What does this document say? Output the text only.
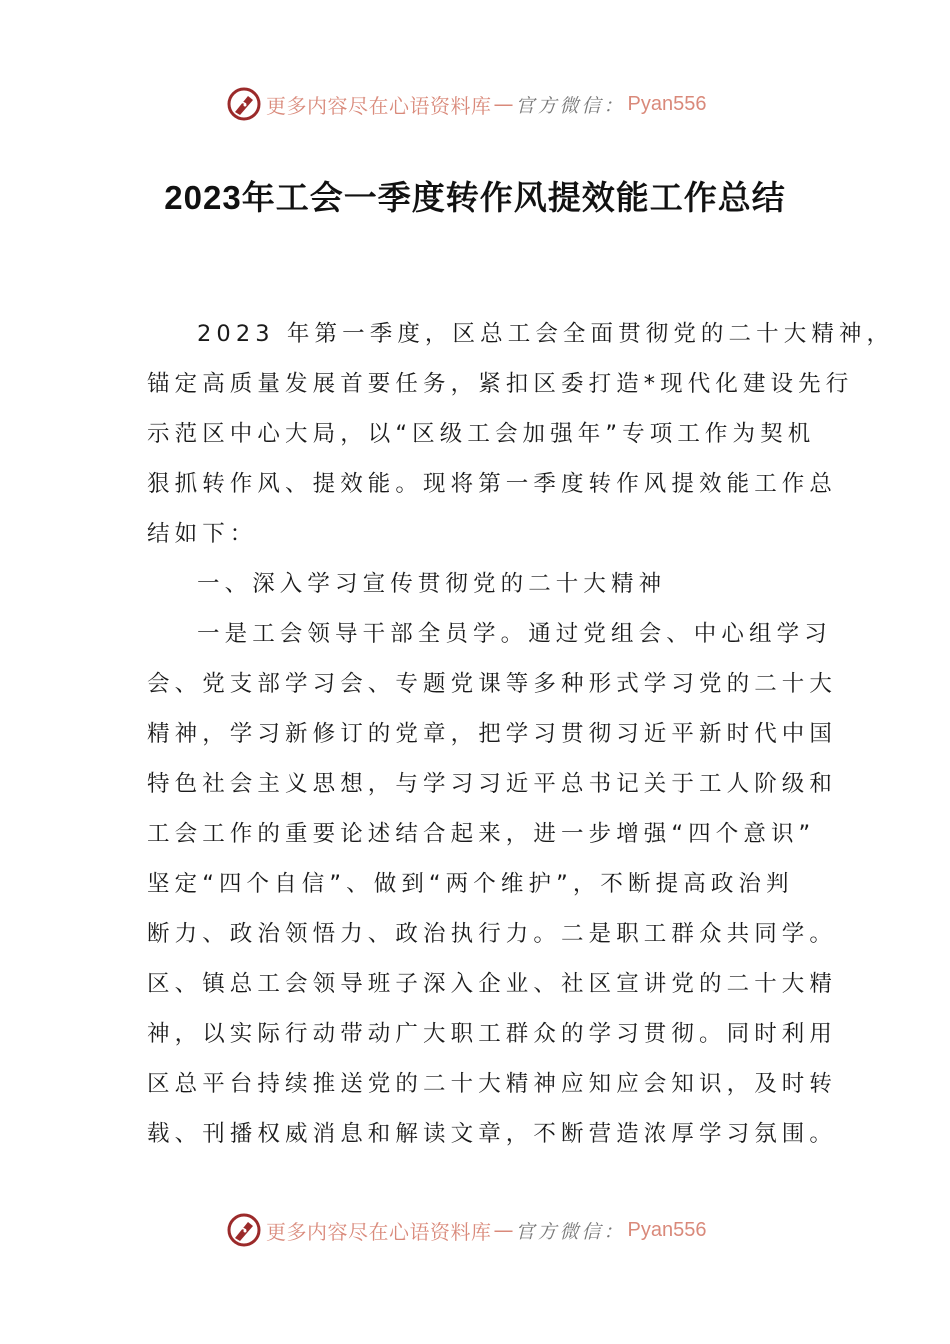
更多内容尽在心语资料库 — 官方微信： Pyan556
2023年工会一季度转作风提效能工作总结
2023 年第一季度，区总工会全面贯彻党的二十大精神，
锚定高质量发展首要任务，紧扣区委打造*现代化建设先行
示范区中心大局，以“区级工会加强年”专项工作为契机
狠抓转作风、提效能。现将第一季度转作风提效能工作总
结如下：
一、深入学习宣传贯彻党的二十大精神
一是工会领导干部全员学。通过党组会、中心组学习
会、党支部学习会、专题党课等多种形式学习党的二十大
精神，学习新修订的党章，把学习贯彻习近平新时代中国
特色社会主义思想，与学习习近平总书记关于工人阶级和
工会工作的重要论述结合起来，进一步增强“四个意识”
坚定“四个自信”、做到“两个维护”，不断提高政治判
断力、政治领悟力、政治执行力。二是职工群众共同学。
区、镇总工会领导班子深入企业、社区宣讲党的二十大精
神，以实际行动带动广大职工群众的学习贯彻。同时利用
区总平台持续推送党的二十大精神应知应会知识，及时转
载、刊播权威消息和解读文章，不断营造浓厚学习氛围。
更多内容尽在心语资料库 — 官方微信： Pyan556
